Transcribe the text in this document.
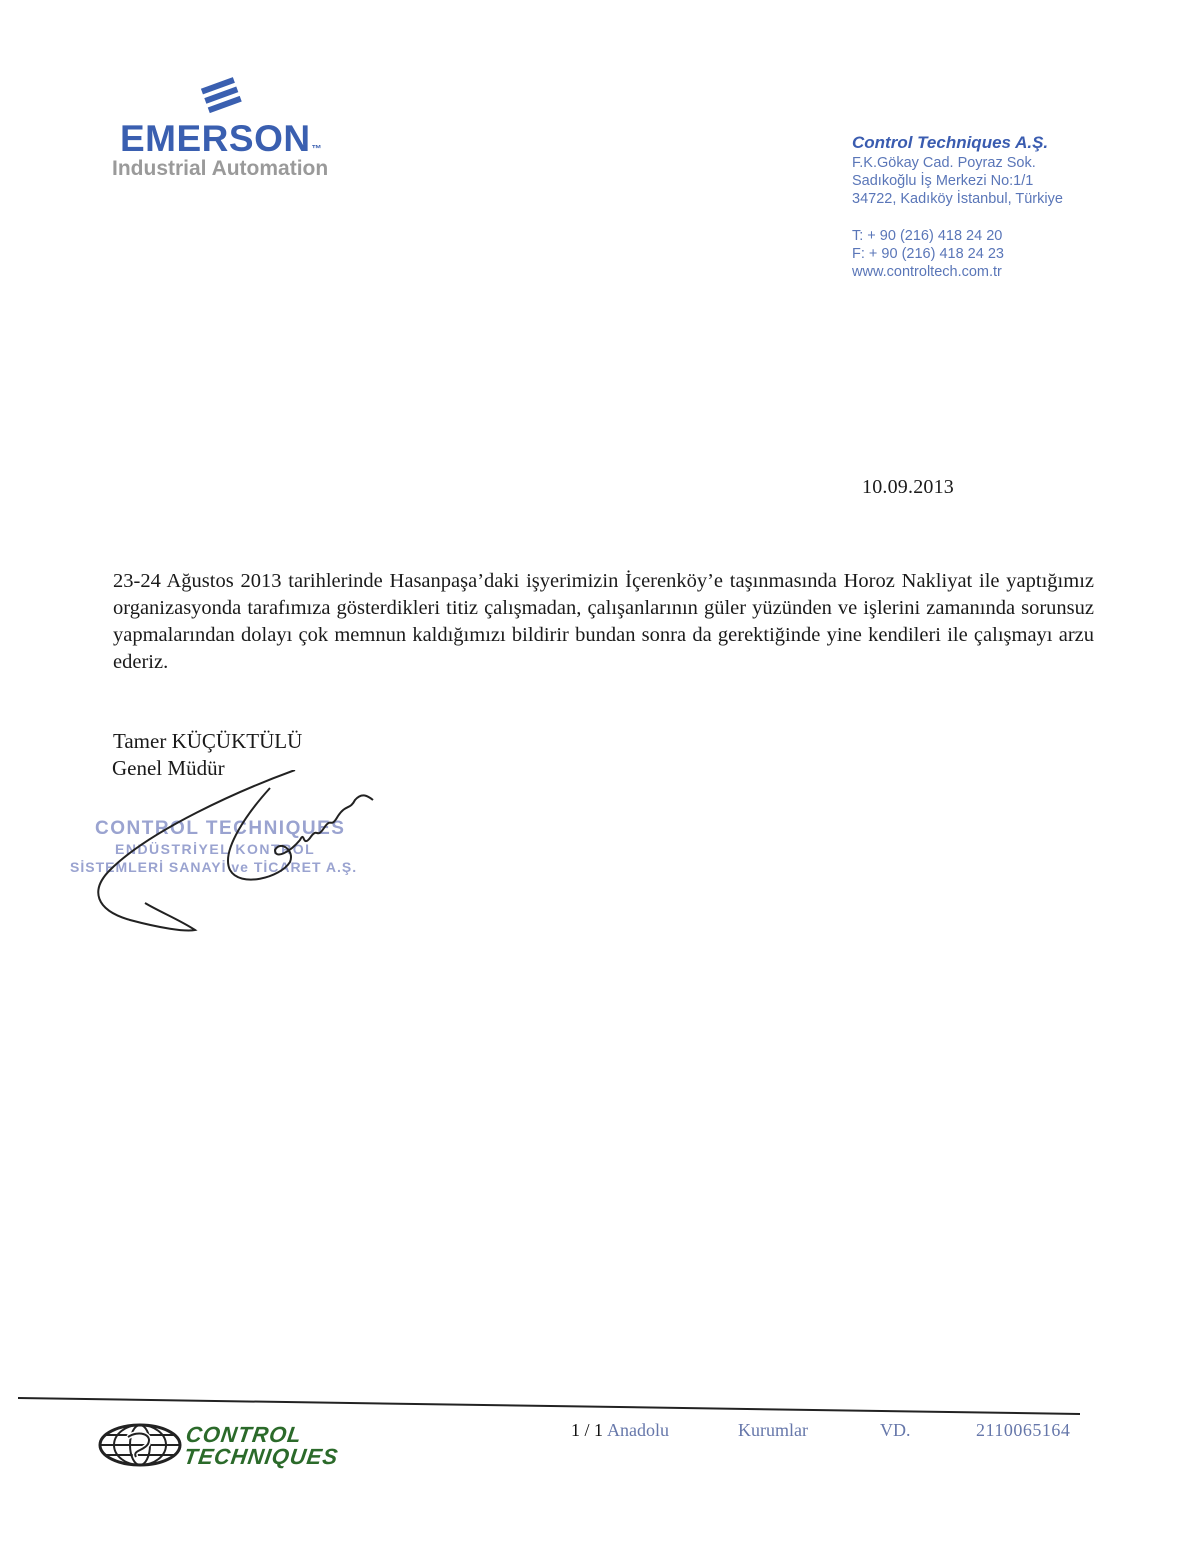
EMERSON™
Industrial Automation
Control Techniques A.Ş.
F.K.Gökay Cad. Poyraz Sok.
Sadıkoğlu İş Merkezi No:1/1
34722, Kadıköy İstanbul, Türkiye
T: + 90 (216) 418 24 20
F: + 90 (216) 418 24 23
www.controltech.com.tr
10.09.2013

23-24 Ağustos 2013 tarihlerinde Hasanpaşa’daki işyerimizin İçerenköy’e taşınmasında Horoz Nakliyat ile yaptığımız organizasyonda tarafımıza gösterdikleri titiz çalışmadan, çalışanlarının güler yüzünden ve işlerini zamanında sorunsuz yapmalarından dolayı çok memnun kaldığımızı bildirir bundan sonra da gerektiğinde yine kendileri ile çalışmayı arzu ederiz.

Tamer KÜÇÜKTÜLÜ
Genel Müdür
CONTROL TECHNIQUES
ENDÜSTRİYEL KONTROL
SİSTEMLERİ SANAYİ ve TİCARET A.Ş.
CONTROL
TECHNIQUES
1 / 1 Anadolu	Kurumlar	VD.	2110065164
